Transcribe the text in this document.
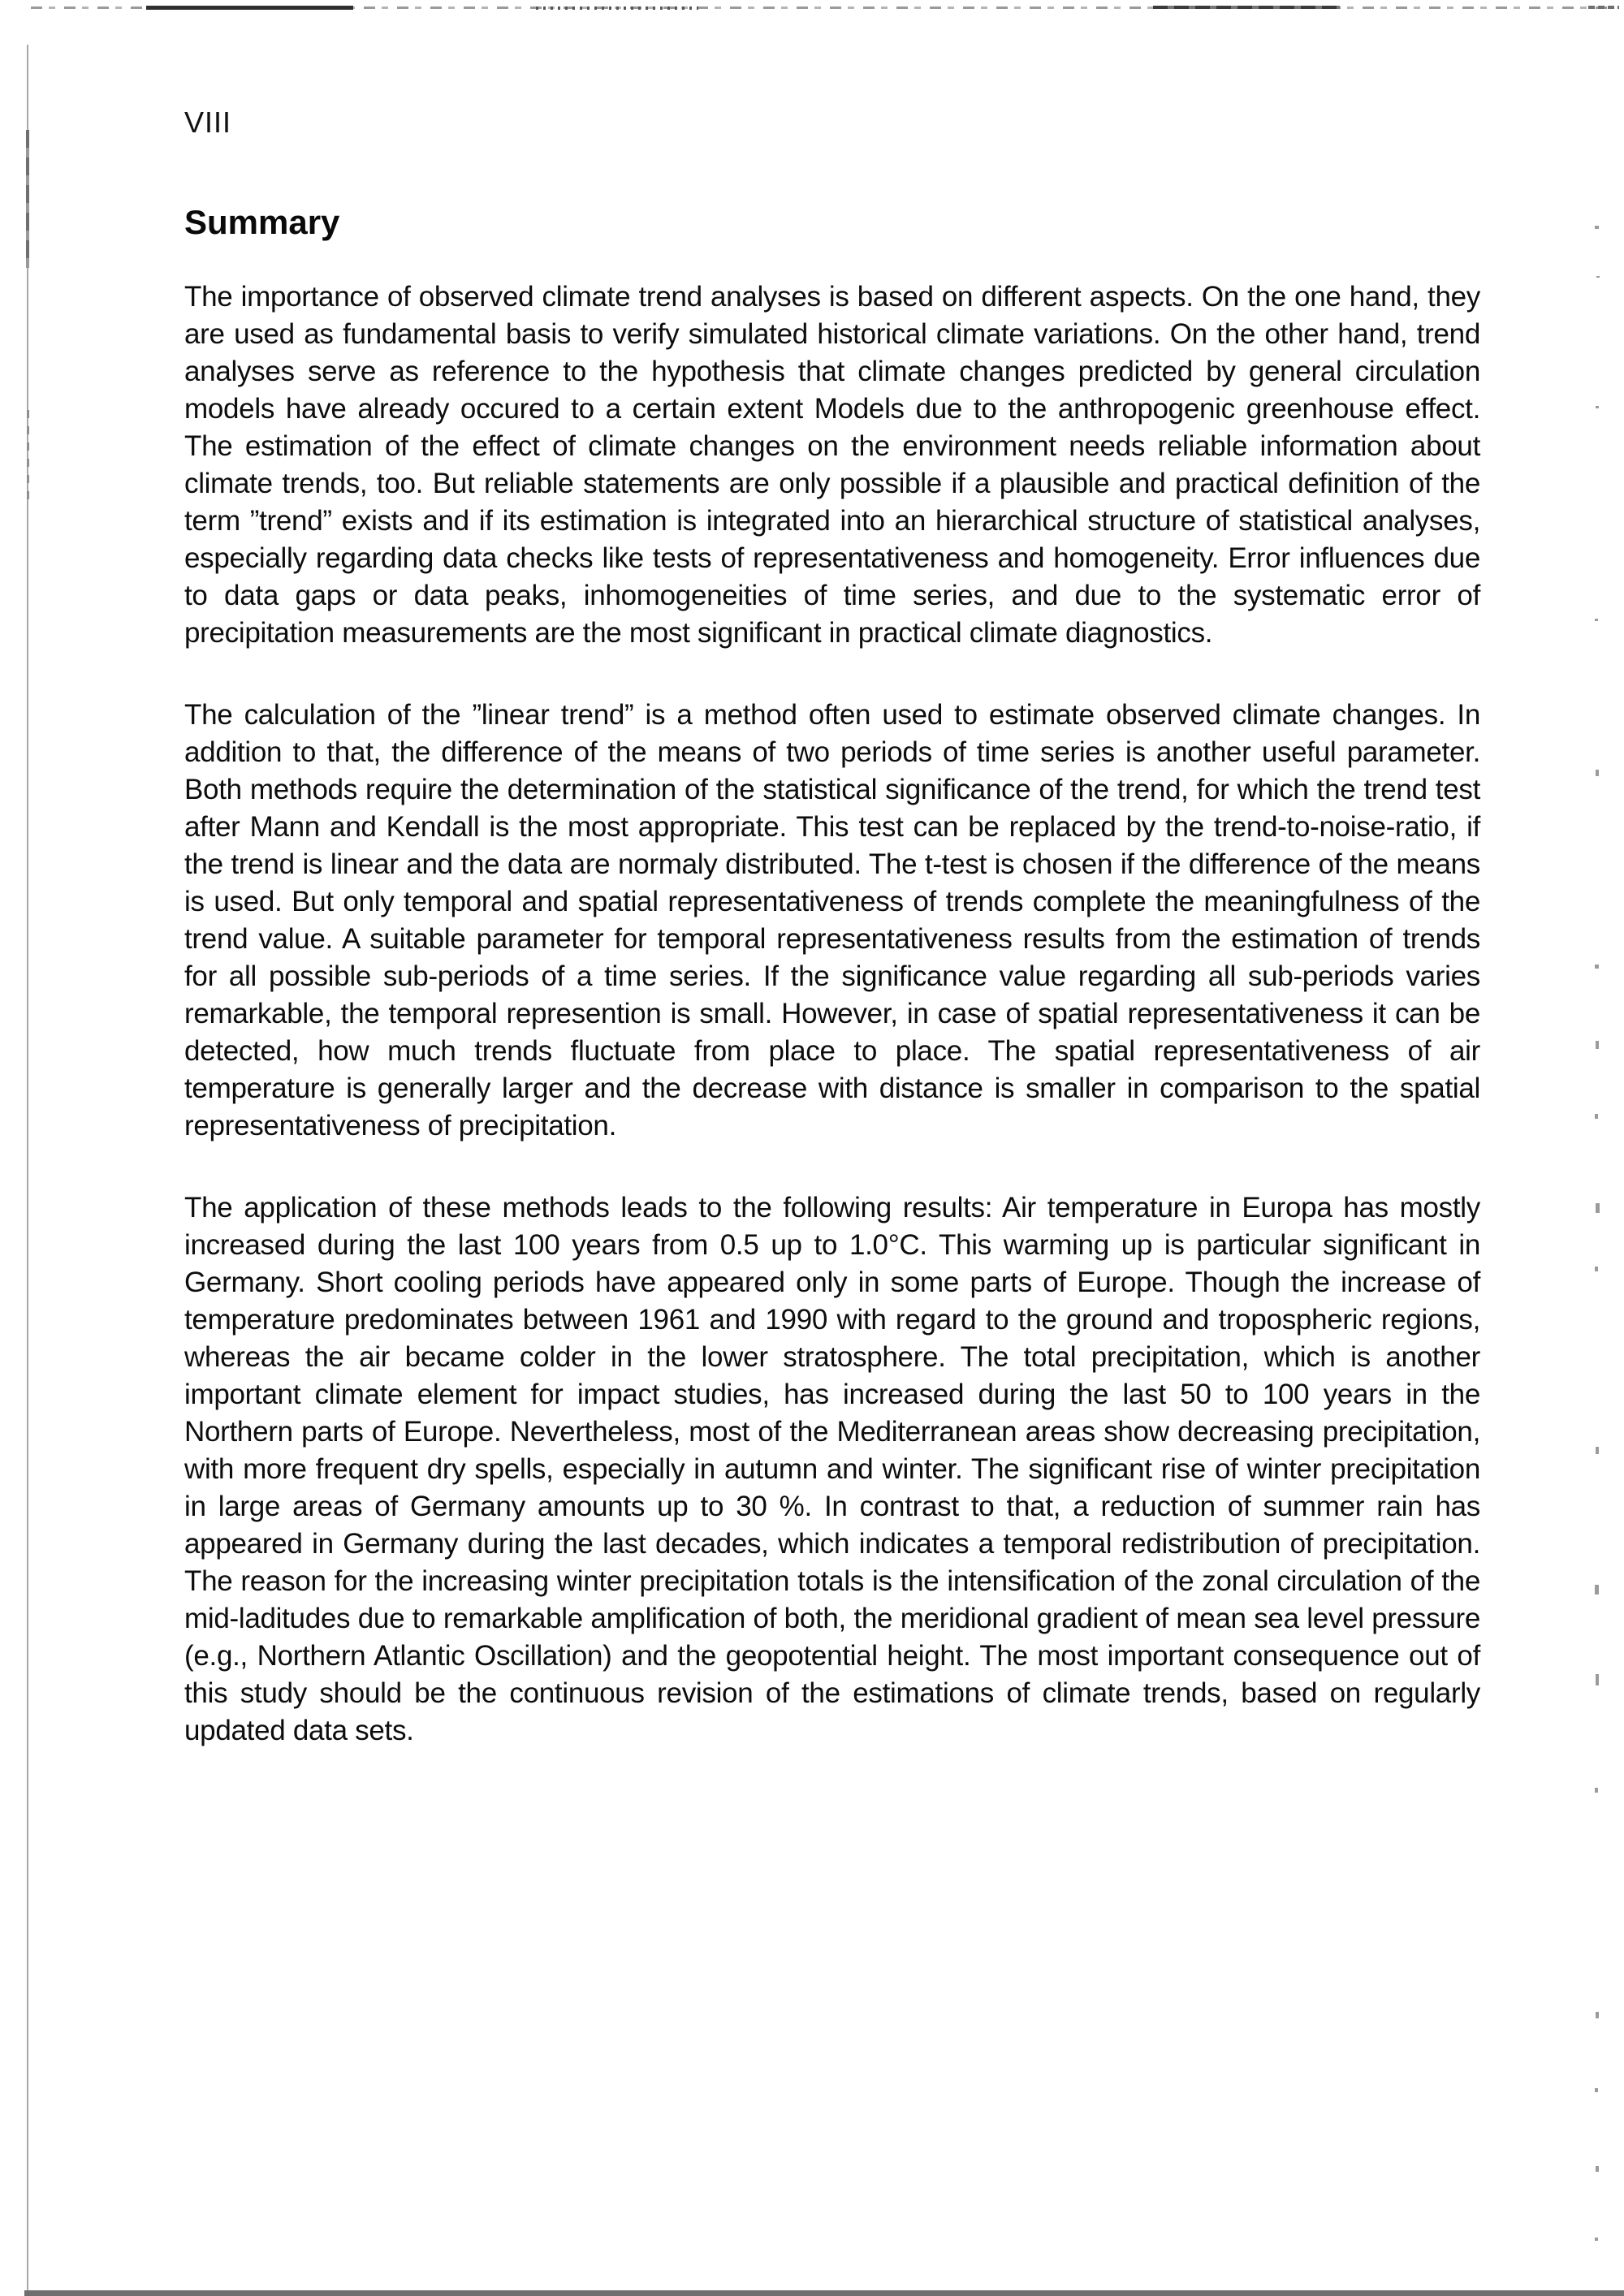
VIII
Summary

The importance of observed climate trend analyses is based on different aspects. On the one hand, they are used as fundamental basis to verify simulated historical climate variations. On the other hand, trend analyses serve as reference to the hypothesis that climate changes predicted by general circulation models have already occured to a certain extent Models due to the anthropogenic greenhouse effect. The estimation of the effect of climate changes on the environment needs reliable information about climate trends, too. But reliable statements are only possible if a plausible and practical definition of the term ”trend” exists and if its estimation is integrated into an hierarchical structure of statistical analyses, especially regarding data checks like tests of representativeness and homogeneity. Error influences due to data gaps or data peaks, inhomogeneities of time series, and due to the systematic error of precipitation measurements are the most significant in practical climate diagnostics.

The calculation of the ”linear trend” is a method often used to estimate observed climate changes. In addition to that, the difference of the means of two periods of time series is another useful parameter. Both methods require the determination of the statistical significance of the trend, for which the trend test after Mann and Kendall is the most appropriate. This test can be replaced by the trend-to-noise-ratio, if the trend is linear and the data are normaly distributed. The t-test is chosen if the difference of the means is used. But only temporal and spatial representativeness of trends complete the meaningfulness of the trend value. A suitable parameter for temporal representativeness results from the estimation of trends for all possible sub-periods of a time series. If the significance value regarding all sub-periods varies remarkable, the temporal represention is small. However, in case of spatial representativeness it can be detected, how much trends fluctuate from place to place. The spatial representativeness of air temperature is generally larger and the decrease with distance is smaller in comparison to the spatial representativeness of precipitation.

The application of these methods leads to the following results: Air temperature in Europa has mostly increased during the last 100 years from 0.5 up to 1.0°C. This warming up is particular significant in Germany. Short cooling periods have appeared only in some parts of Europe. Though the increase of temperature predominates between 1961 and 1990 with regard to the ground and tropospheric regions, whereas the air became colder in the lower stratosphere. The total precipitation, which is another important climate element for impact studies, has increased during the last 50 to 100 years in the Northern parts of Europe. Nevertheless, most of the Mediterranean areas show decreasing precipitation, with more frequent dry spells, especially in autumn and winter. The significant rise of winter precipitation in large areas of Germany amounts up to 30 %. In contrast to that, a reduction of summer rain has appeared in Germany during the last decades, which indicates a temporal redistribution of precipitation. The reason for the increasing winter precipitation totals is the intensification of the zonal circulation of the mid-laditudes due to remarkable amplification of both, the meridional gradient of mean sea level pressure (e.g., Northern Atlantic Oscillation) and the geopotential height. The most important consequence out of this study should be the continuous revision of the estimations of climate trends, based on regularly updated data sets.
